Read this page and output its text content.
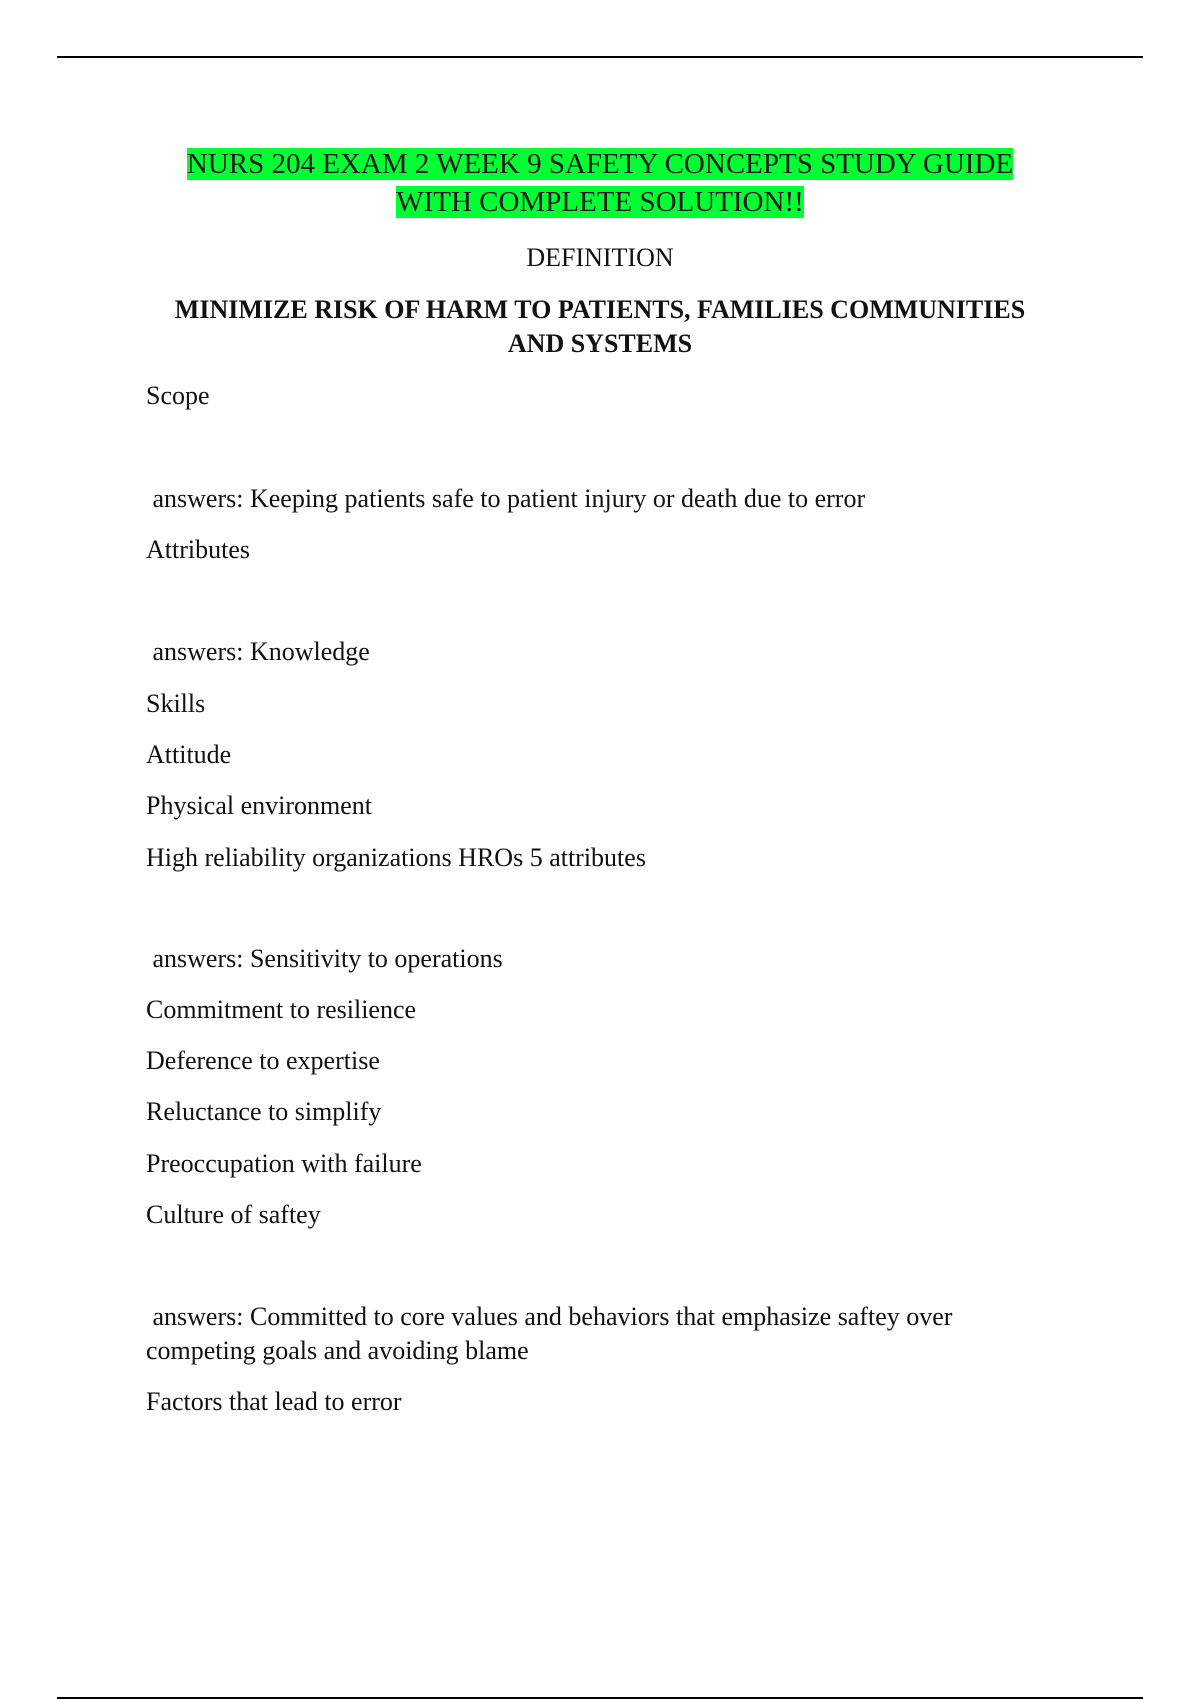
NURS 204 EXAM 2 WEEK 9 SAFETY CONCEPTS STUDY GUIDE
WITH COMPLETE SOLUTION!!
DEFINITION
MINIMIZE RISK OF HARM TO PATIENTS, FAMILIES COMMUNITIES
AND SYSTEMS
Scope
answers: Keeping patients safe to patient injury or death due to error
Attributes
answers: Knowledge
Skills
Attitude
Physical environment
High reliability organizations HROs 5 attributes
answers: Sensitivity to operations
Commitment to resilience
Deference to expertise
Reluctance to simplify
Preoccupation with failure
Culture of saftey
answers: Committed to core values and behaviors that emphasize saftey over
competing goals and avoiding blame
Factors that lead to error
